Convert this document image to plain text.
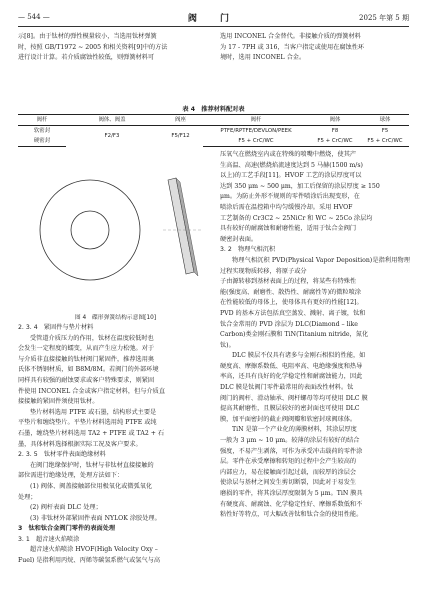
— 544 —	阀 门	2025 年第 5 期

示[8]。由于钛材的弹性模量较小，当选用钛材弹簧

时，按照 GB/T1972 ~ 2005 和相关资料[9]中的方法

进行设计计算。若介质腐蚀性较低，则弹簧材料可

选用 INCONEL 合金替代。非接触介质的弹簧材料

为 17 - 7PH 或 316，当客户指定或使用在腐蚀性环

境时，选用 INCONEL 合金。

表 4　推荐材料配对表
阀杆	阀体、阀盖	阀座	阀杆	阀体	球体
软密封	F2/F3	F5/F12	PTFE/RPTFE/DEVLON/PEEK	F8	F5
硬密封			F5 + CrC/WC	F5 + CrC/WC	F5 + CrC/WC
图 4　碟形弹簧结构示意图[10]

2. 3. 4　紧固件与垫片材料

受管道介质压力的作用，钛材在温度较低时也

会发生一定程度的蠕变，从而产生应力松弛。对于

与介质非直接接触的钛材阀门紧固件，推荐选用奥

氏体不锈钢材质，如 B8M/8M。若阀门的外部环境

同样具有较强的耐蚀要求或客户特殊要求，则紧固

件使用 INCONEL 合金或客户指定材料，但与介质直

接接触的紧固件须使用钛材。

垫片材料选用 PTFE 或石墨，结构形式主要是

平垫片和缠绕垫片。平垫片材料选用纯 PTFE 或纯

石墨，缠绕垫片材料选用 TA2 + PTFE 或 TA2 + 石

墨，具体材料选择根据实际工况及客户要求。

2. 3. 5　钛材零件表面绝缘材料

在阀门绝缘保护时，钛材与非钛材直接接触的

部位需进行绝缘处理，处理方法如下：

(1) 阀体、阀盖接触部位用极氧化或微弧氧化

处理；

(2) 阀杆表面 DLC 处理；

(3) 非钛材外部紧固件表面 NYLOK 涂胶处理。

3　钛和钛合金阀门零件的表面处理

3. 1　超音速火焰喷涂

超音速火焰喷涂 HVOF(High Velocity Oxy –

Fuel) 是指利用丙烷、丙烯等碳氢系燃气或氢气与高

压氧气在燃烧室内或在特殊的喷嘴中燃烧，使其产

生高温、高速(燃烧焰流速度达到 5 马赫(1500 m/s)

以上)的工艺手段[11]。HVOF 工艺的涂层厚度可以

达到 350 μm ~ 500 μm，加工后保留的涂层厚度 ≥ 150

μm。为防止外形不规则的零件喷涂后出现变形，在

喷涂后需在温控箱中均匀缓慢冷却。采用 HVOF

工艺制备的 Cr3C2 ~ 25NiCr 和 WC ~ 25Co 涂层均

具有较好的耐腐蚀和耐磨性能，适用于钛合金阀门

硬密封表面。

3. 2　物理气相沉积

物理气相沉积 PVD(Physical Vapor Deposition)是指利用物理过程实现物质转移，将原子或分

子由源转移到基材表面上的过程，将某些有特殊性

能(强度高、耐磨性、散热性、耐腐性等)的微粒喷涂

在性能较低的母体上，使母体具有更好的性能[12]。

PVD 的基本方法包括真空蒸发、溅射、离子镀，钛和

钛合金常用的 PVD 涂层为 DLC(Diamond – like

Carbon)类金刚石膜和 TiN(Titanium nitride，氮化

钛)。

DLC 膜层不仅具有诸多与金刚石相似的性能，如

硬度高、摩擦系数低、电阻率高、电绝缘强度和热导

率高，还具有良好的化学稳定性和耐腐蚀能力，因此

DLC 膜是钛阀门零件最常用的表面改性材料。钛

阀门的阀杆、滑动轴承、阀杆螺母等均可使用 DLC 膜

提高其耐磨性，且膜层较好的密封面也可使用 DLC

膜，加平面密封的截止阀阀瓣和软密封球阀球体。

TiN 是第一个产业化的薄膜材料，其涂层厚度

一般为 3 μm ~ 10 μm。较薄的涂层有较好的结合

强度，不易产生剥落，可作为承受冲击载荷的零件涂

层。零件在承受摩擦和转矩的过程中会产生较高的

内部应力，易在接触面引起过载，而较厚的涂层会

使涂层与基材之间发生剪切断裂，因此对于易发生

磨损的零件，将其涂层厚度限制为 5 μm。TiN 膜具

有硬度高、耐腐蚀、化学稳定性好、摩擦系数低和不

粘性好等特点，可大幅改善钛和钛合金的使用性能。
